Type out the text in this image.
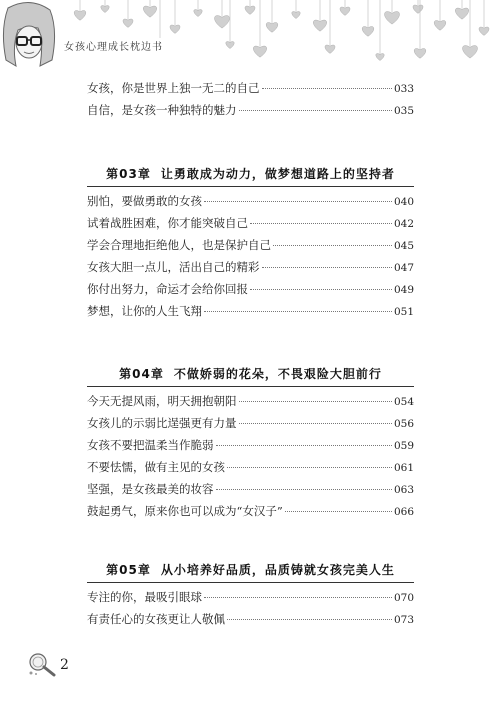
女孩心理成长枕边书
女孩，你是世界上独一无二的自己	033
自信，是女孩一种独特的魅力	035
第03章 让勇敢成为动力，做梦想道路上的坚持者
别怕，要做勇敢的女孩	040
试着战胜困难，你才能突破自己	042
学会合理地拒绝他人，也是保护自己	045
女孩大胆一点儿，活出自己的精彩	047
你付出努力，命运才会给你回报	049
梦想，让你的人生飞翔	051
第04章 不做娇弱的花朵，不畏艰险大胆前行
今天无提风雨，明天拥抱朝阳	054
女孩儿的示弱比逞强更有力量	056
女孩不要把温柔当作脆弱	059
不要怯懦，做有主见的女孩	061
坚强，是女孩最美的妆容	063
鼓起勇气，原来你也可以成为“女汉子”	066
第05章 从小培养好品质，品质铸就女孩完美人生
专注的你，最吸引眼球	070
有责任心的女孩更让人敬佩	073
2
